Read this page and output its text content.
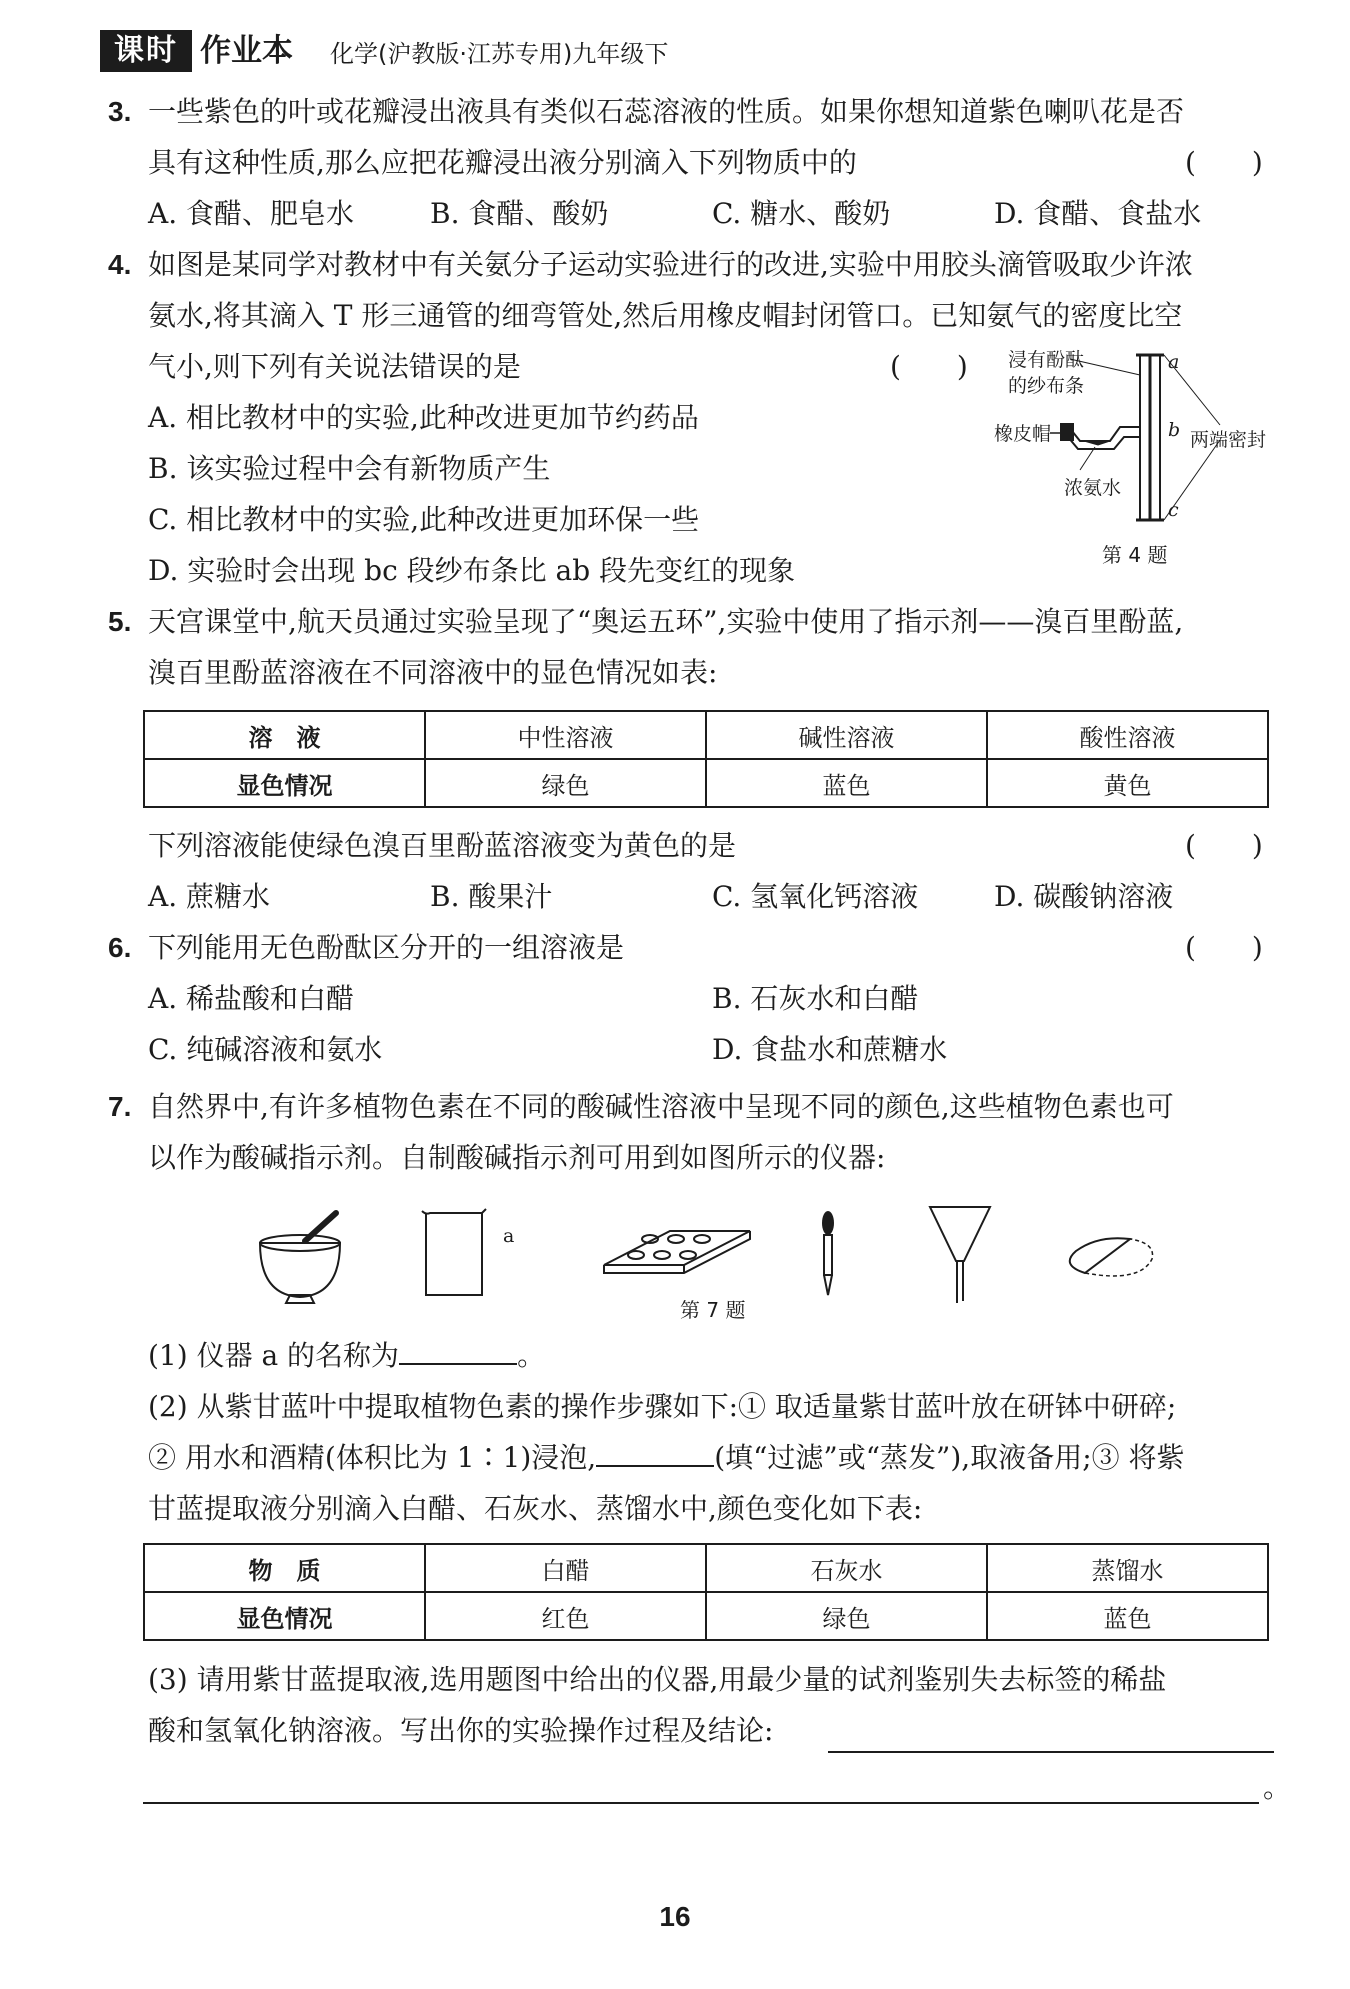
课时 作业本 化学(沪教版·江苏专用)九年级下
3. 一些紫色的叶或花瓣浸出液具有类似石蕊溶液的性质。如果你想知道紫色喇叭花是否
具有这种性质,那么应把花瓣浸出液分别滴入下列物质中的	(　　)
A. 食醋、肥皂水	B. 食醋、酸奶	C. 糖水、酸奶	D. 食醋、食盐水
4. 如图是某同学对教材中有关氨分子运动实验进行的改进,实验中用胶头滴管吸取少许浓
氨水,将其滴入 T 形三通管的细弯管处,然后用橡皮帽封闭管口。已知氨气的密度比空
气小,则下列有关说法错误的是	(　　)
A. 相比教材中的实验,此种改进更加节约药品
B. 该实验过程中会有新物质产生
C. 相比教材中的实验,此种改进更加环保一些
D. 实验时会出现 bc 段纱布条比 ab 段先变红的现象
浸有酚酞
的纱布条
橡皮帽
浓氨水
两端密封
a
b
c
第 4 题
5. 天宫课堂中,航天员通过实验呈现了“奥运五环”,实验中使用了指示剂——溴百里酚蓝,
溴百里酚蓝溶液在不同溶液中的显色情况如表:
溶　液	中性溶液	碱性溶液	酸性溶液
显色情况	绿色	蓝色	黄色
下列溶液能使绿色溴百里酚蓝溶液变为黄色的是	(　　)
A. 蔗糖水	B. 酸果汁	C. 氢氧化钙溶液	D. 碳酸钠溶液
6. 下列能用无色酚酞区分开的一组溶液是	(　　)
A. 稀盐酸和白醋	B. 石灰水和白醋
C. 纯碱溶液和氨水	D. 食盐水和蔗糖水
7. 自然界中,有许多植物色素在不同的酸碱性溶液中呈现不同的颜色,这些植物色素也可
以作为酸碱指示剂。自制酸碱指示剂可用到如图所示的仪器:
a
第 7 题
(1) 仪器 a 的名称为	。
(2) 从紫甘蓝叶中提取植物色素的操作步骤如下:① 取适量紫甘蓝叶放在研钵中研碎;
② 用水和酒精(体积比为 1∶1)浸泡,	(填“过滤”或“蒸发”),取液备用;③ 将紫
甘蓝提取液分别滴入白醋、石灰水、蒸馏水中,颜色变化如下表:
物　质	白醋	石灰水	蒸馏水
显色情况	红色	绿色	蓝色
(3) 请用紫甘蓝提取液,选用题图中给出的仪器,用最少量的试剂鉴别失去标签的稀盐
酸和氢氧化钠溶液。写出你的实验操作过程及结论:
。
16
